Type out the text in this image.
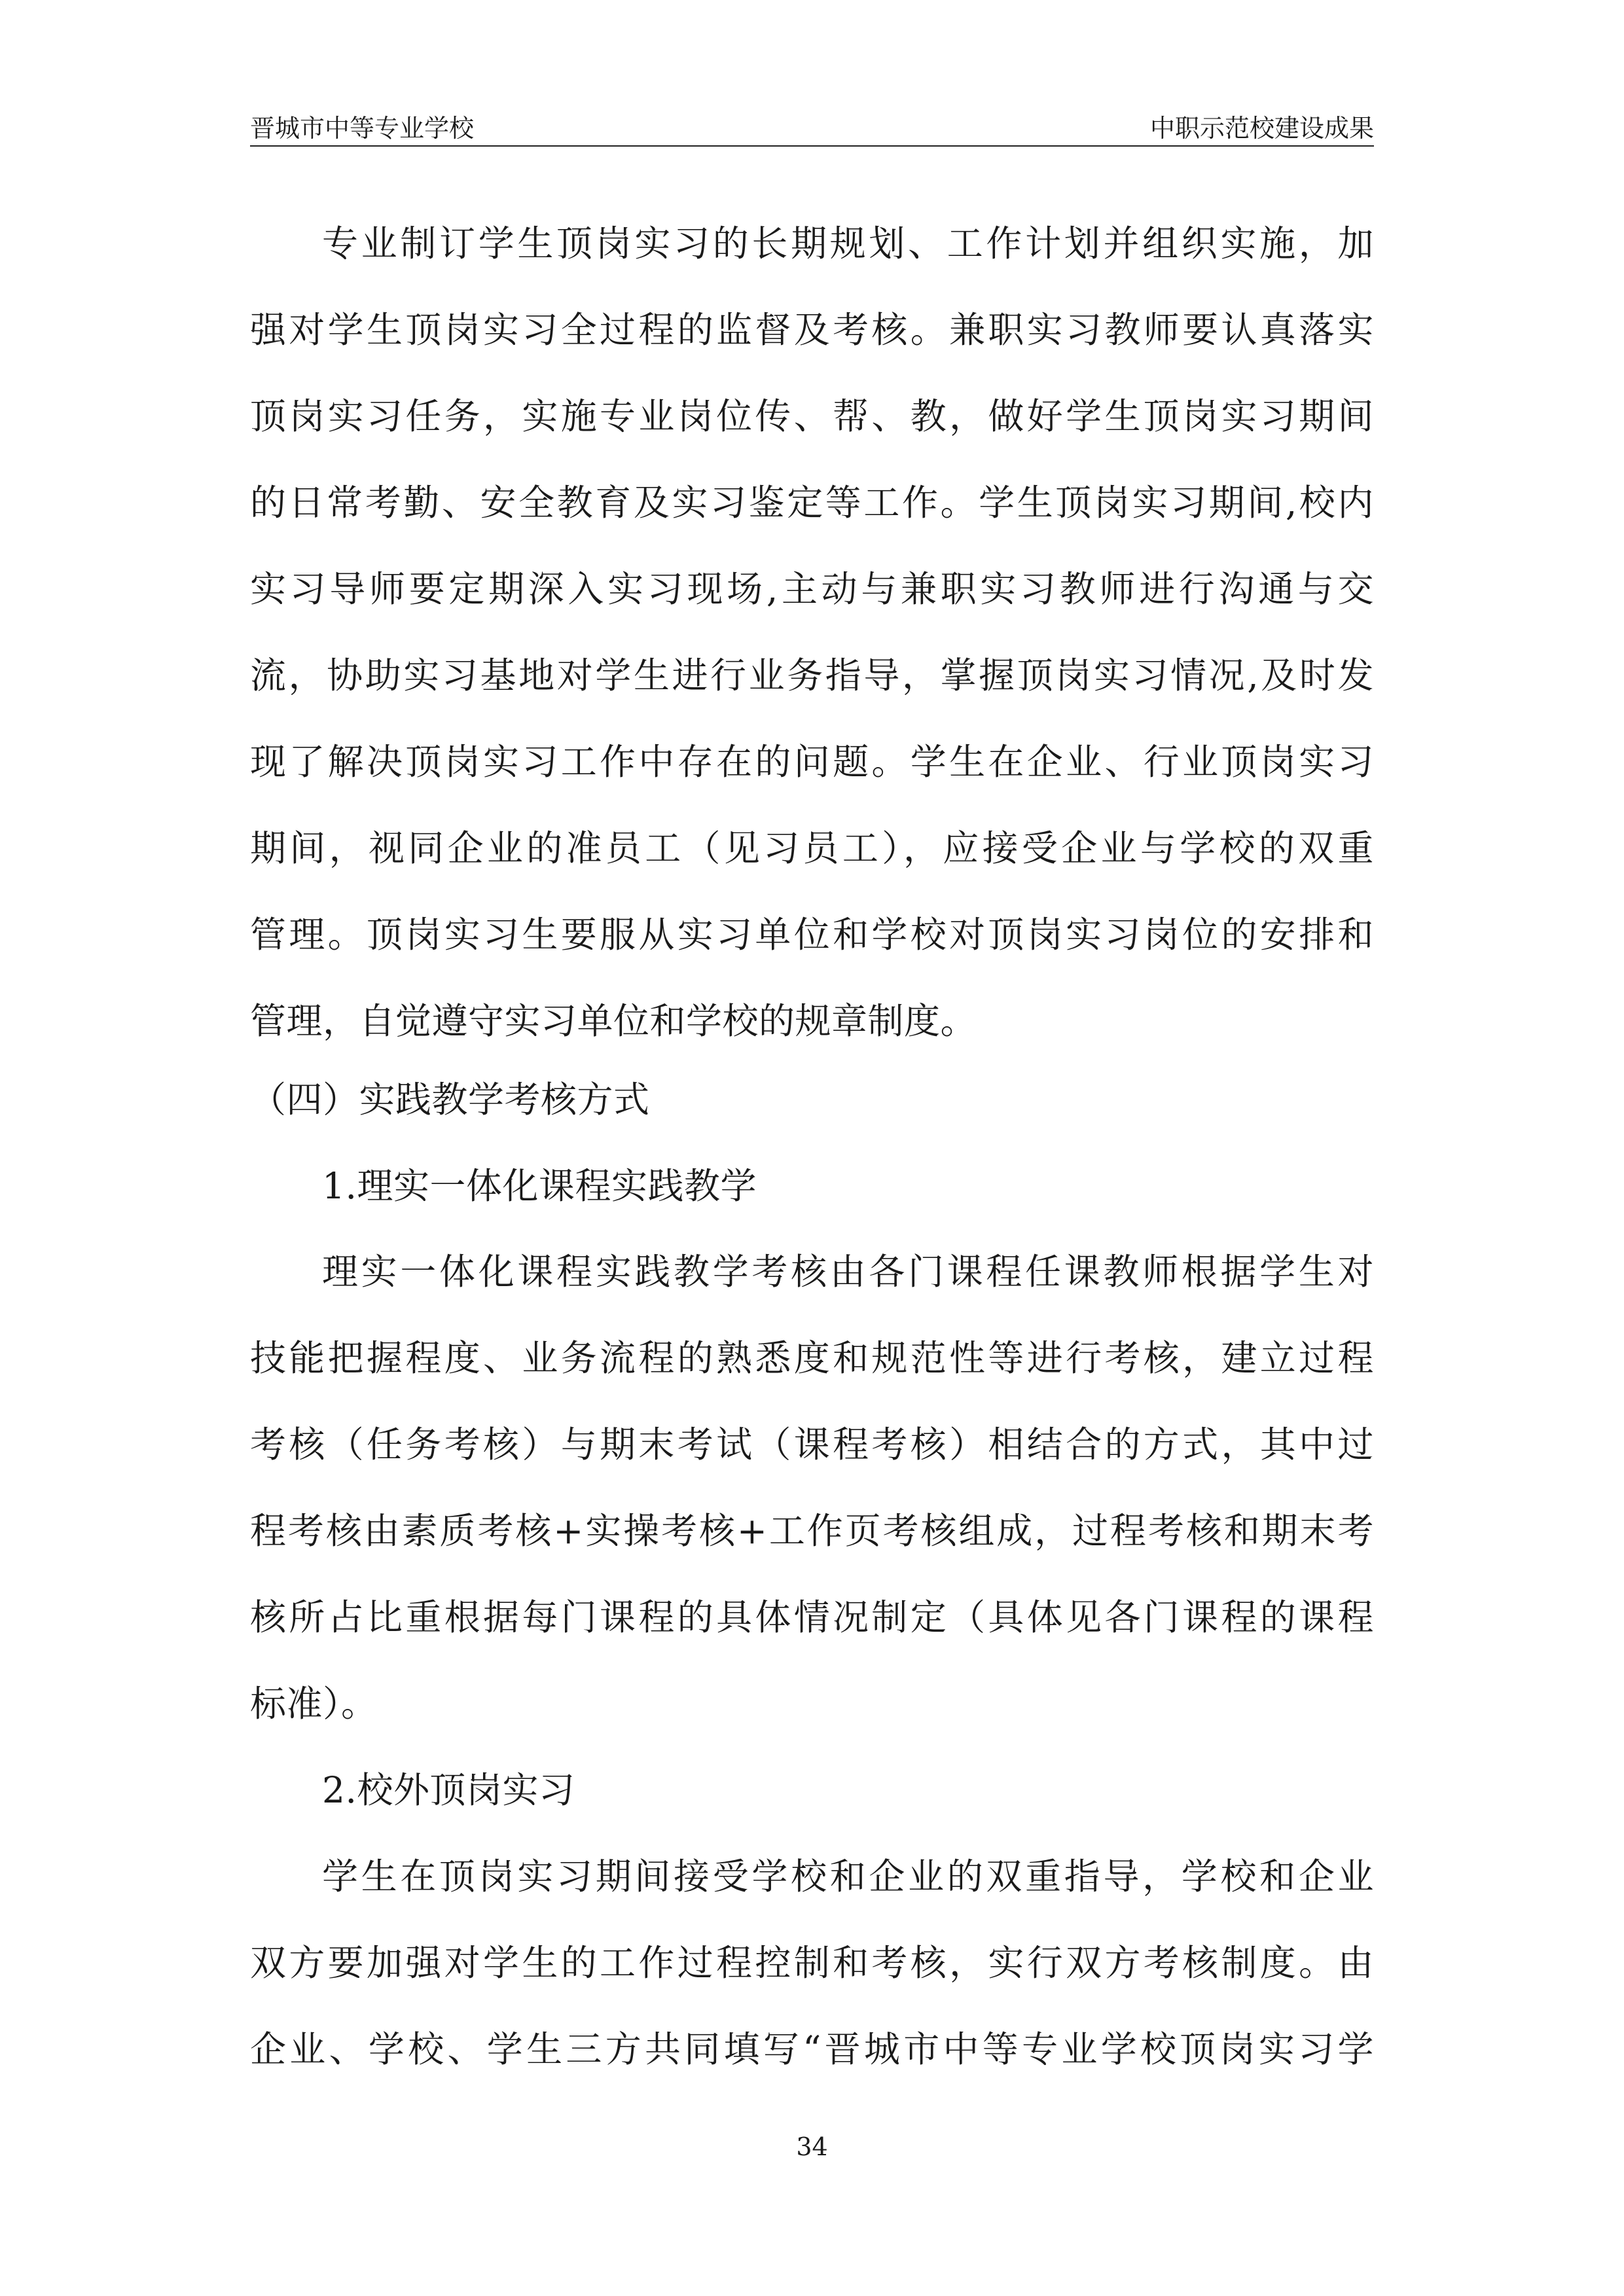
晋城市中等专业学校	中职示范校建设成果
专业制订学生顶岗实习的长期规划、工作计划并组织实施，加
强对学生顶岗实习全过程的监督及考核。兼职实习教师要认真落实
顶岗实习任务，实施专业岗位传、帮、教，做好学生顶岗实习期间
的日常考勤、安全教育及实习鉴定等工作。学生顶岗实习期间,校内
实习导师要定期深入实习现场,主动与兼职实习教师进行沟通与交
流，协助实习基地对学生进行业务指导，掌握顶岗实习情况,及时发
现了解决顶岗实习工作中存在的问题。学生在企业、行业顶岗实习
期间，视同企业的准员工（见习员工），应接受企业与学校的双重
管理。顶岗实习生要服从实习单位和学校对顶岗实习岗位的安排和
管理，自觉遵守实习单位和学校的规章制度。
（四）实践教学考核方式
1.理实一体化课程实践教学
理实一体化课程实践教学考核由各门课程任课教师根据学生对
技能把握程度、业务流程的熟悉度和规范性等进行考核，建立过程
考核（任务考核）与期末考试（课程考核）相结合的方式，其中过
程考核由素质考核+实操考核+工作页考核组成，过程考核和期末考
核所占比重根据每门课程的具体情况制定（具体见各门课程的课程
标准）。
2.校外顶岗实习
学生在顶岗实习期间接受学校和企业的双重指导，学校和企业
双方要加强对学生的工作过程控制和考核，实行双方考核制度。由
企业、学校、学生三方共同填写“晋城市中等专业学校顶岗实习学
34
